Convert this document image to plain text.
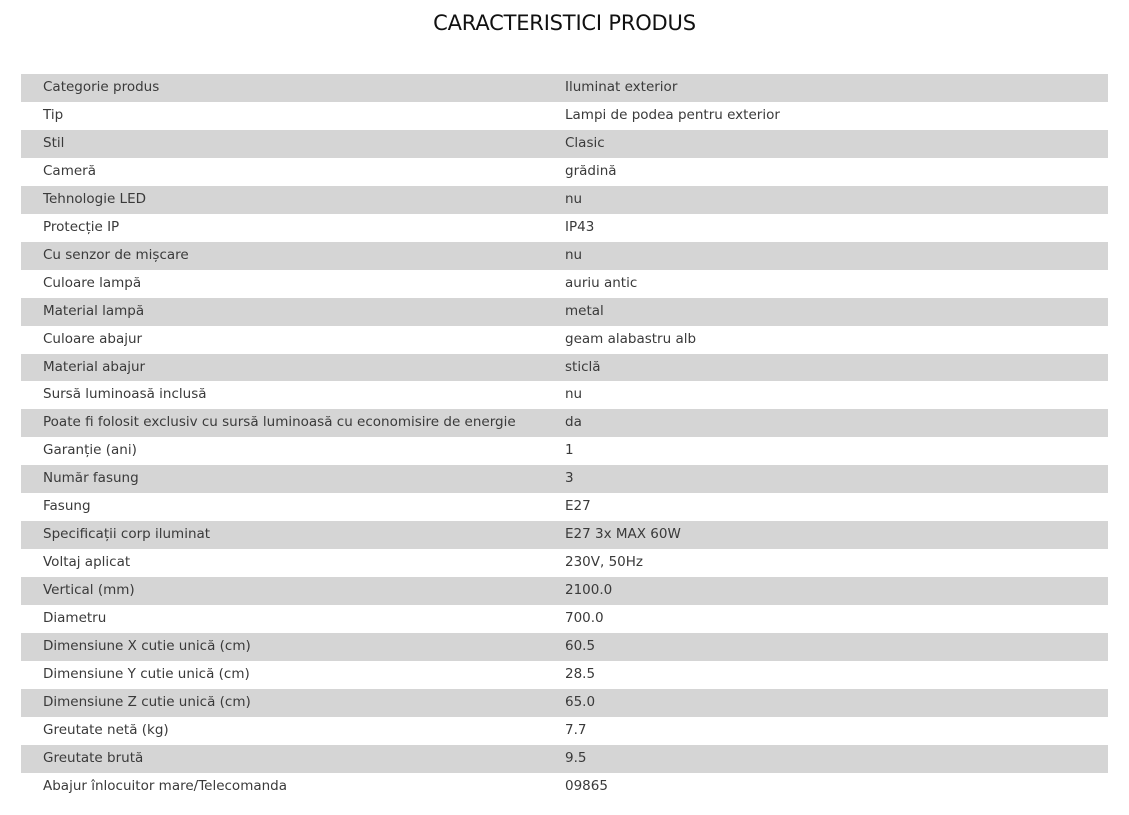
CARACTERISTICI PRODUS
Categorie produs	Iluminat exterior
Tip	Lampi de podea pentru exterior
Stil	Clasic
Cameră	grădină
Tehnologie LED	nu
Protecție IP	IP43
Cu senzor de mișcare	nu
Culoare lampă	auriu antic
Material lampă	metal
Culoare abajur	geam alabastru alb
Material abajur	sticlă
Sursă luminoasă inclusă	nu
Poate fi folosit exclusiv cu sursă luminoasă cu economisire de energie	da
Garanție (ani)	1
Număr fasung	3
Fasung	E27
Specificații corp iluminat	E27 3x MAX 60W
Voltaj aplicat	230V, 50Hz
Vertical (mm)	2100.0
Diametru	700.0
Dimensiune X cutie unică (cm)	60.5
Dimensiune Y cutie unică (cm)	28.5
Dimensiune Z cutie unică (cm)	65.0
Greutate netă (kg)	7.7
Greutate brută	9.5
Abajur înlocuitor mare/Telecomanda	09865
